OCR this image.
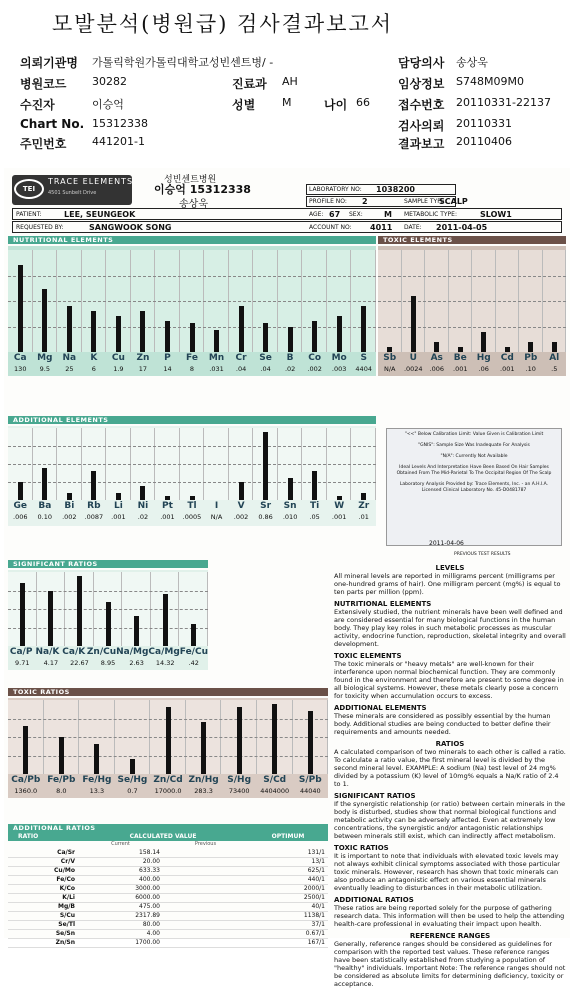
모발분석(병원급) 검사결과보고서
의뢰기관명 가톨릭학원가톨릭대학교성빈센트병/ -	담당의사 송상욱
병원코드 30282	진료과 AH	임상정보 S748M09M0
수진자	이승억	성별 M	나이 66 접수번호 20110331-22137
Chart No. 15312338	검사의뢰 20110331
주민번호 441201-1	결과보고 20110406
TEI
TRACE ELEMENTS
4501 Sunbelt Drive
성빈센트병원
이승억 15312338
송상욱
LABORATORY NO: 1038200
PROFILE NO: 2	SAMPLE TYPE:
SCALP
PATIENT:	LEE, SEUNGEOK	AGE: 67 SEX:	M METABOLIC TYPE:	SLOW1
REQUESTED BY:	SANGWOOK SONG	ACCOUNT NO: 4011 DATE: 2011-04-05
NUTRITIONAL ELEMENTS
Ca	Mg	Na	K	Cu	Zn	P	Fe	Mn	Cr	Se	B	Co	Mo	S
130	9.5	25	6	1.9	17	14	8	.031	.04	.04	.02	.002	.003	4404
TOXIC ELEMENTS
Sb	U	As	Be	Hg	Cd	Pb	Al
N/A	.0024	.006	.001	.06	.001	.10	.5
ADDITIONAL ELEMENTS
Ge	Ba	Bi	Rb	Li	Ni	Pt	Tl	I	V	Sr	Sn	Ti	W	Zr
.006	0.10	.002	.0087	.001	.02	.001	.0005	N/A	.002	0.86	.010	.05	.001	.01
"<<" Below Calibration Limit: Value Given is Calibration Limit
"GNIS": Sample Size Was Inadequate For Analysis
"N/A": Currently Not Available
Ideal Levels And Interpretation Have Been Based On Hair Samples Obtained From The Mid-Parietal To The Occipital Region Of The Scalp
Laboratory Analysis Provided by: Trace Elements, Inc. - an A.H.I.A. Licensed Clinical Laboratory No. 45-D0481787
2011-04-06
PREVIOUS TEST RESULTS
SIGNIFICANT RATIOS
Ca/P Na/K Ca/K Zn/Cu Na/Mg Ca/Mg Fe/Cu
9.71	4.17	22.67	8.95	2.63	14.32	.42
TOXIC RATIOS
Ca/Pb Fe/Pb Fe/Hg Se/Hg Zn/Cd Zn/Hg S/Hg	S/Cd	S/Pb
1360.0	8.0	13.3	0.7	17000.0	283.3	73400	4404000	44040
ADDITIONAL RATIOS
RATIO	CALCULATED VALUE	OPTIMUM
Current	Previous
Ca/Sr	158.14		131/1
Cr/V	20.00		13/1
Cu/Mo	633.33		625/1
Fe/Co	400.00		440/1
K/Co	3000.00		2000/1
K/Li	6000.00		2500/1
Mg/B	475.00		40/1
S/Cu	2317.89		1138/1
Se/Tl	80.00		37/1
Se/Sn	4.00		0.67/1
Zn/Sn	1700.00		167/1
LEVELS

All mineral levels are reported in milligrams percent (milligrams per one-hundred grams of hair). One milligram percent (mg%) is equal to ten parts per million (ppm).

NUTRITIONAL ELEMENTS

Extensively studied, the nutrient minerals have been well defined and are considered essential for many biological functions in the human body. They play key roles in such metabolic processes as muscular activity, endocrine function, reproduction, skeletal integrity and overall development.

TOXIC ELEMENTS

The toxic minerals or "heavy metals" are well-known for their interference upon normal biochemical function. They are commonly found in the environment and therefore are present to some degree in all biological systems. However, these metals clearly pose a concern for toxicity when accumulation occurs to excess.

ADDITIONAL ELEMENTS

These minerals are considered as possibly essential by the human body. Additional studies are being conducted to better define their requirements and amounts needed.

RATIOS

A calculated comparison of two minerals to each other is called a ratio. To calculate a ratio value, the first mineral level is divided by the second mineral level. EXAMPLE: A sodium (Na) test level of 24 mg% divided by a potassium (K) level of 10mg% equals a Na/K ratio of 2.4 to 1.

SIGNIFICANT RATIOS

If the synergistic relationship (or ratio) between certain minerals in the body is disturbed, studies show that normal biological functions and metabolic activity can be adversely affected. Even at extremely low concentrations, the synergistic and/or antagonistic relationships between minerals still exist, which can indirectly affect metabolism.

TOXIC RATIOS

It is important to note that individuals with elevated toxic levels may not always exhibit clinical symptoms associated with those particular toxic minerals. However, research has shown that toxic minerals can also produce an antagonistic effect on various essential minerals eventually leading to disturbances in their metabolic utilization.

ADDITIONAL RATIOS

These ratios are being reported solely for the purpose of gathering research data. This information will then be used to help the attending health-care professional in evaluating their impact upon health.

REFERENCE RANGES

Generally, reference ranges should be considered as guidelines for comparison with the reported test values. These reference ranges have been statistically established from studying a population of "healthy" individuals. Important Note: The reference ranges should not be considered as absolute limits for determining deficiency, toxicity or acceptance.
